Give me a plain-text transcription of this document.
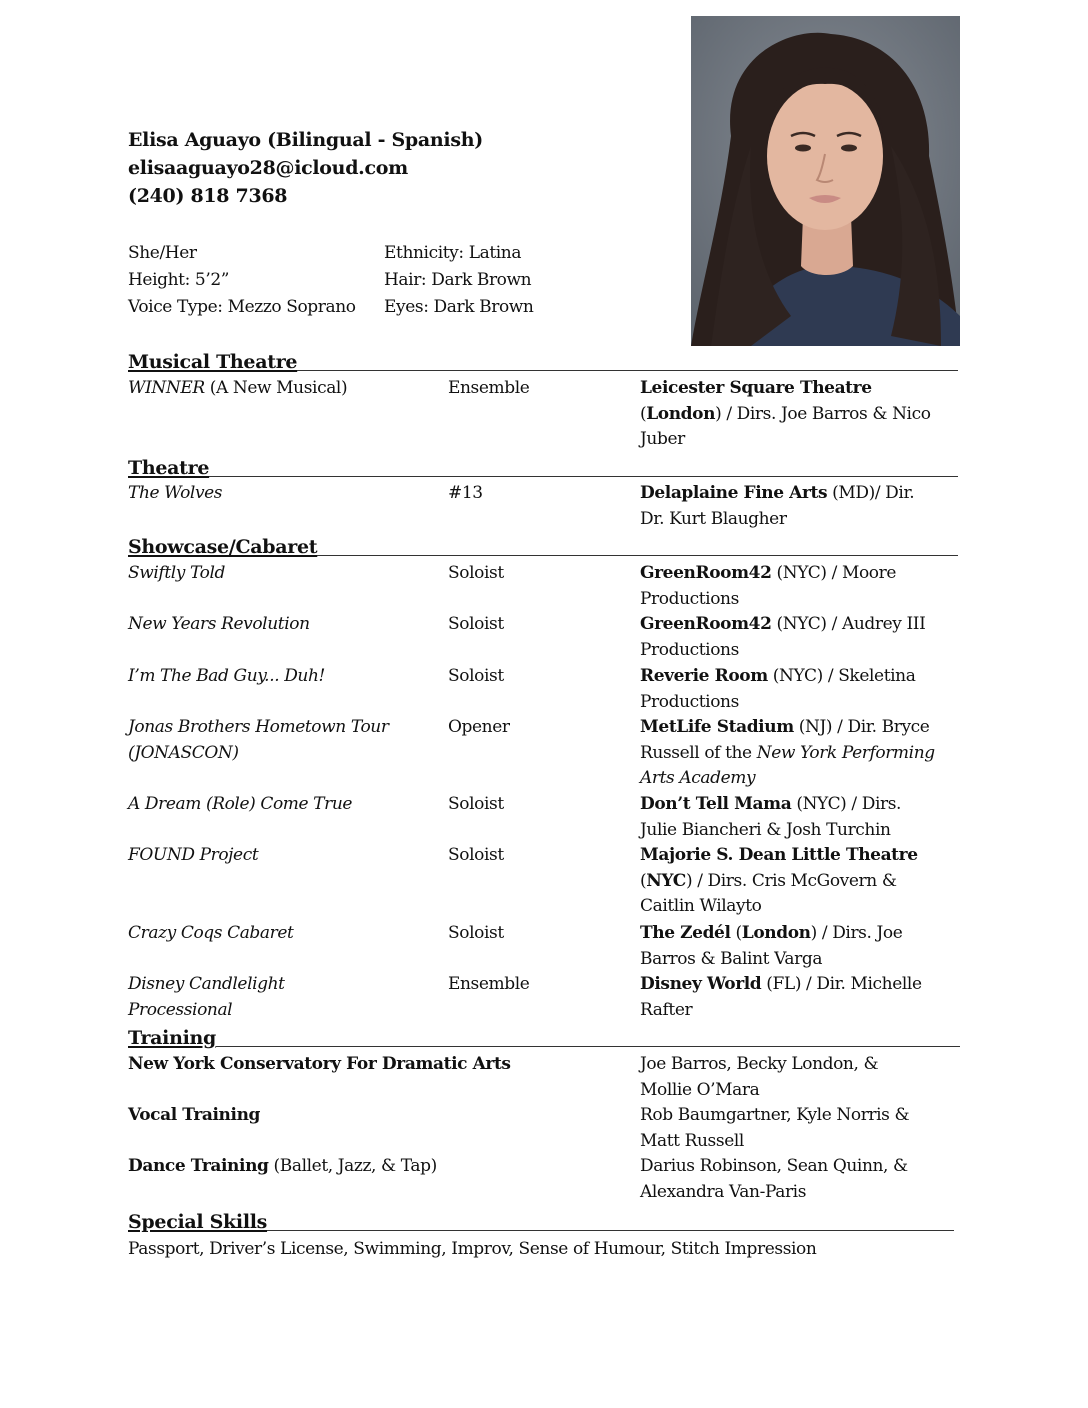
Elisa Aguayo (Bilingual - Spanish)
elisaaguayo28@icloud.com
(240) 818 7368
She/Her	Ethnicity: Latina
Height: 5’2”	Hair: Dark Brown
Voice Type: Mezzo Soprano Eyes: Dark Brown
Musical Theatre
WINNER (A New Musical)	Ensemble	Leicester Square Theatre (London) / Dirs. Joe Barros & Nico Juber
Theatre
The Wolves	#13	Delaplaine Fine Arts (MD)/ Dir. Dr. Kurt Blaugher
Showcase/Cabaret
Swiftly Told	Soloist	GreenRoom42 (NYC) / Moore Productions
New Years Revolution	Soloist	GreenRoom42 (NYC) / Audrey III Productions
I’m The Bad Guy... Duh!	Soloist	Reverie Room (NYC) / Skeletina Productions
Jonas Brothers Hometown Tour
(JONASCON)
Opener	MetLife Stadium (NJ) / Dir. Bryce Russell of the New York Performing Arts Academy
A Dream (Role) Come True	Soloist	Don’t Tell Mama (NYC) / Dirs. Julie Biancheri & Josh Turchin
FOUND Project	Soloist	Majorie S. Dean Little Theatre
(NYC) / Dirs. Cris McGovern & Caitlin Wilayto
Crazy Coqs Cabaret	Soloist	The Zedél (London) / Dirs. Joe Barros & Balint Varga
Disney Candlelight Processional
Ensemble	Disney World (FL) / Dir. Michelle Rafter
Training
New York Conservatory For Dramatic Arts	Joe Barros, Becky London, & Mollie O’Mara
Vocal Training	Rob Baumgartner, Kyle Norris & Matt Russell
Dance Training (Ballet, Jazz, & Tap)	Darius Robinson, Sean Quinn, & Alexandra Van-Paris
Special Skills
Passport, Driver’s License, Swimming, Improv, Sense of Humour, Stitch Impression
